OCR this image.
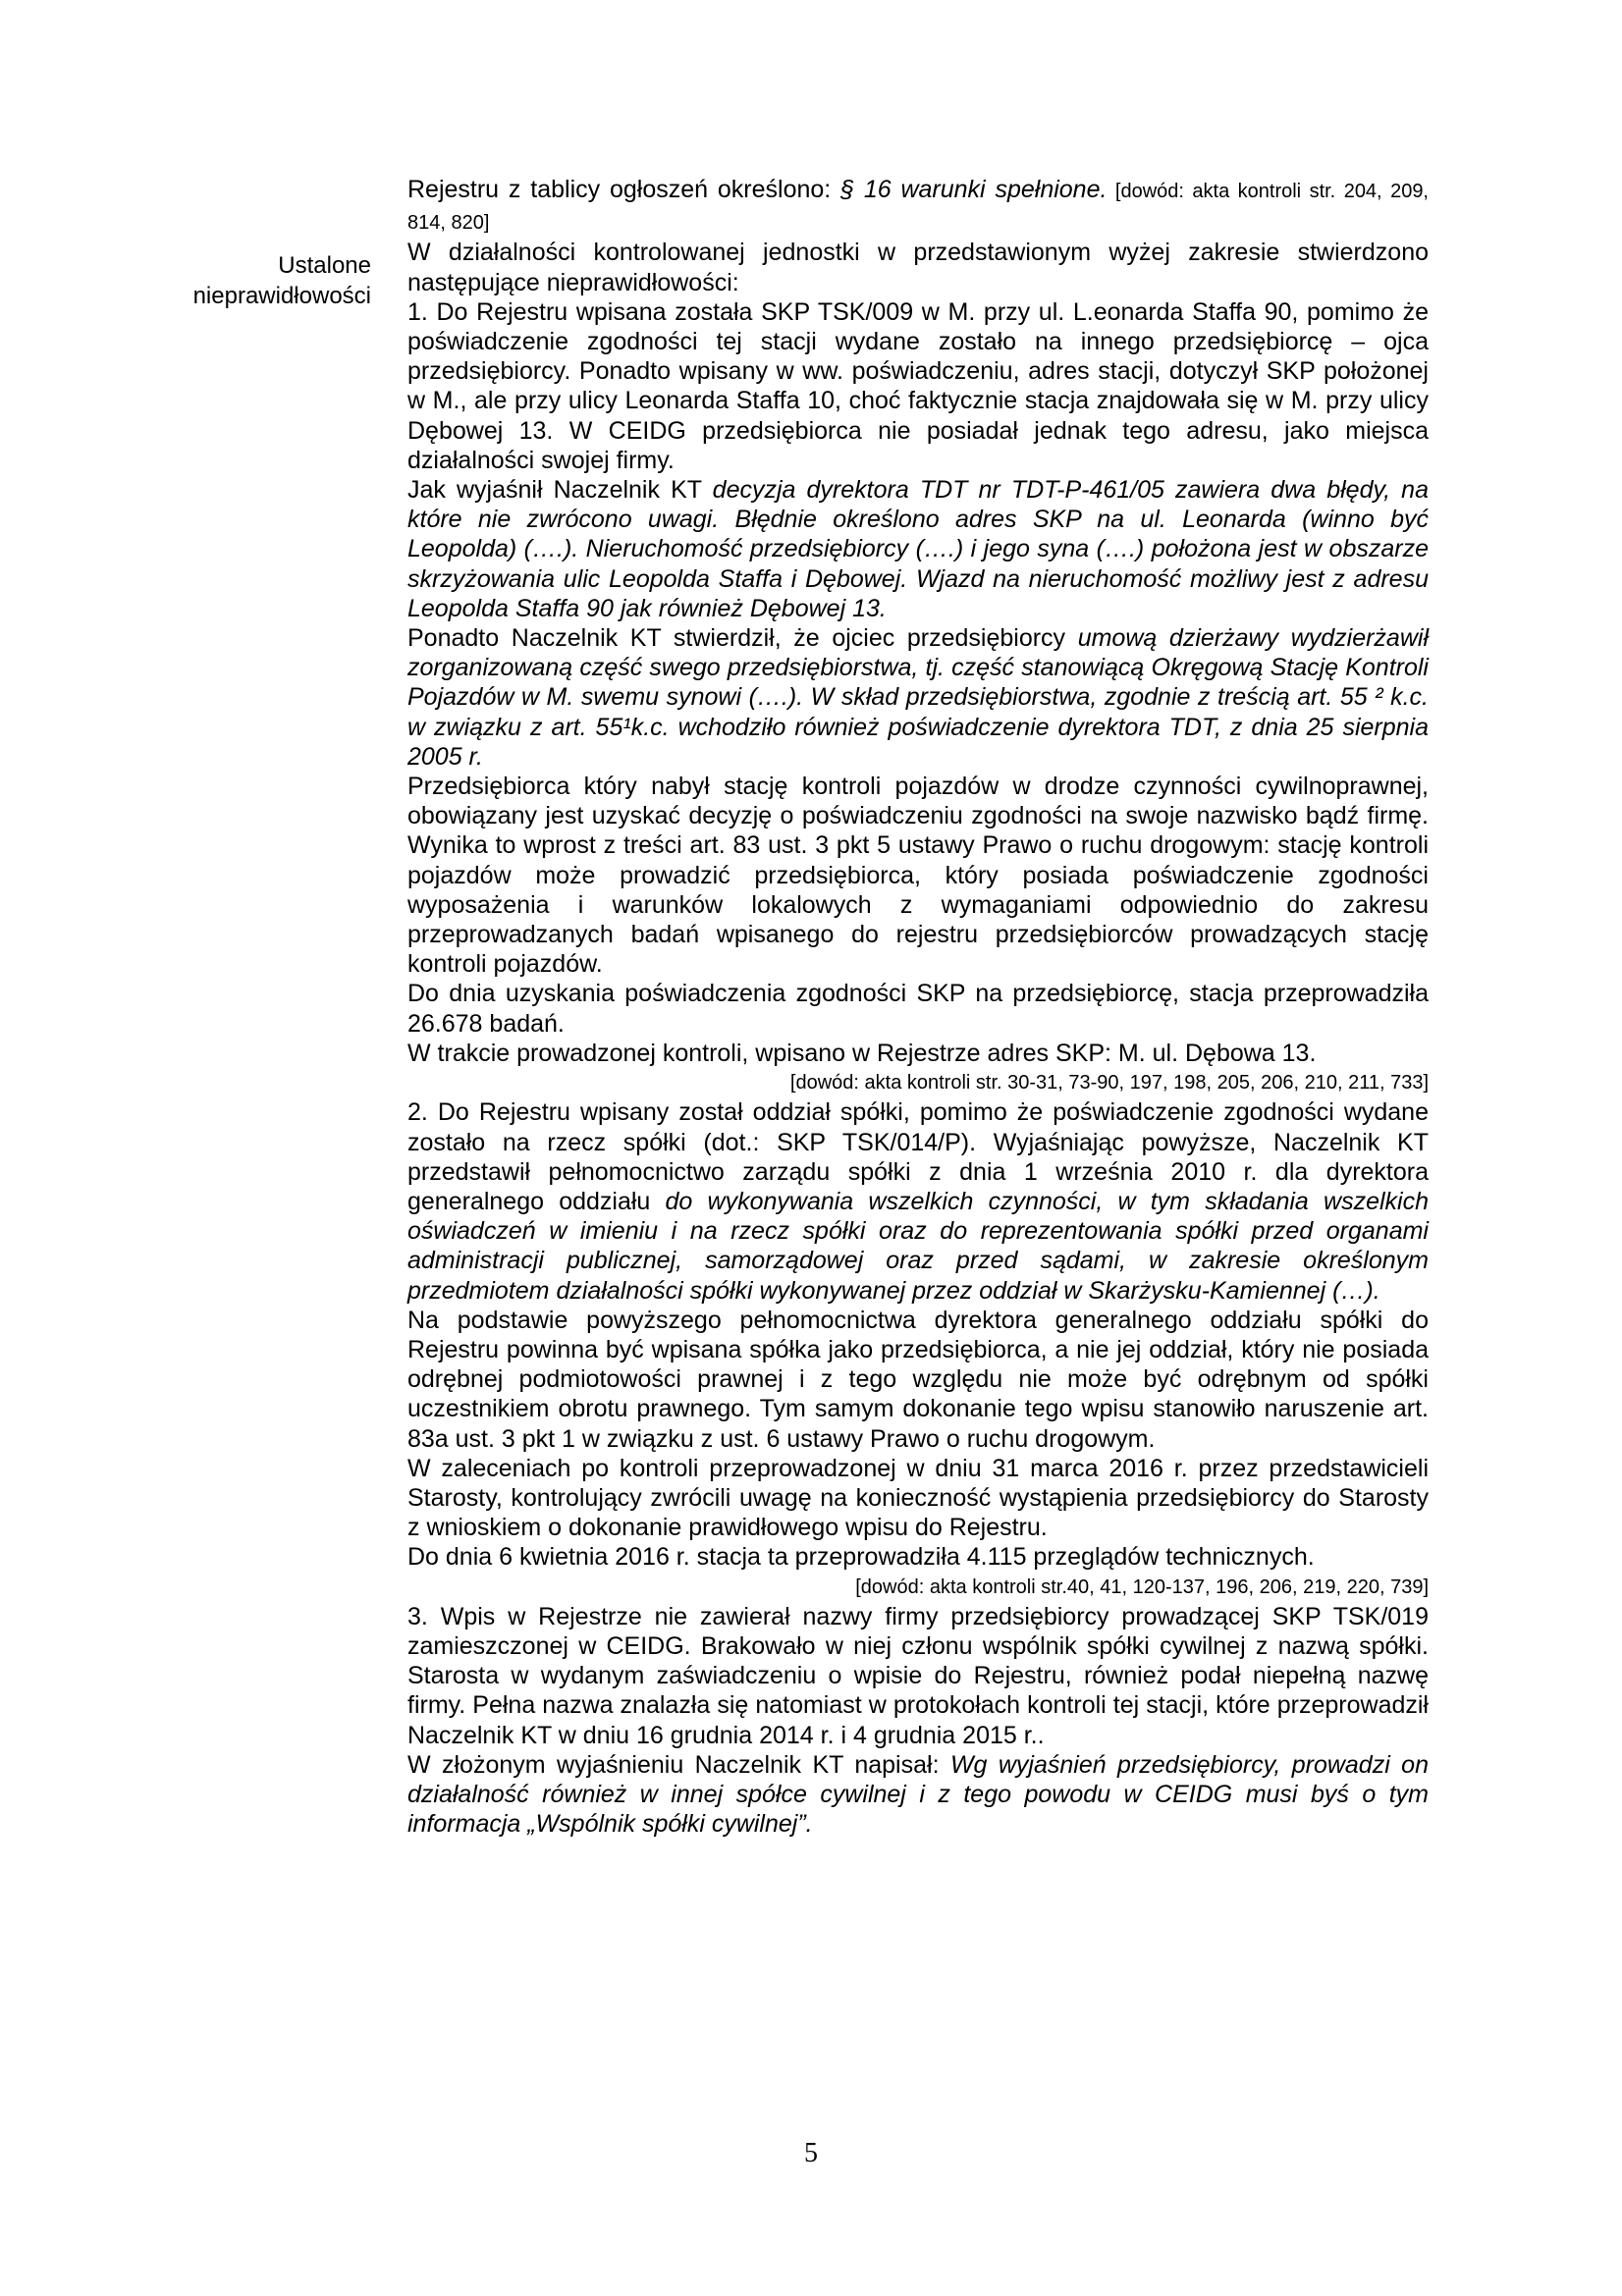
Ustalone
nieprawidłowości

Rejestru z tablicy ogłoszeń określono: § 16 warunki spełnione. [dowód: akta kontroli str. 204, 209, 814, 820]

W działalności kontrolowanej jednostki w przedstawionym wyżej zakresie stwierdzono następujące nieprawidłowości:

1. Do Rejestru wpisana została SKP TSK/009 w M. przy ul. L.eonarda Staffa 90, pomimo że poświadczenie zgodności tej stacji wydane zostało na innego przedsiębiorcę – ojca przedsiębiorcy. Ponadto wpisany w ww. poświadczeniu, adres stacji, dotyczył SKP położonej w M., ale przy ulicy Leonarda Staffa 10, choć faktycznie stacja znajdowała się w M. przy ulicy Dębowej 13. W CEIDG przedsiębiorca nie posiadał jednak tego adresu, jako miejsca działalności swojej firmy.

Jak wyjaśnił Naczelnik KT decyzja dyrektora TDT nr TDT-P-461/05 zawiera dwa błędy, na które nie zwrócono uwagi. Błędnie określono adres SKP na ul. Leonarda (winno być Leopolda) (….). Nieruchomość przedsiębiorcy (….) i jego syna (….) położona jest w obszarze skrzyżowania ulic Leopolda Staffa i Dębowej. Wjazd na nieruchomość możliwy jest z adresu Leopolda Staffa 90 jak również Dębowej 13.

Ponadto Naczelnik KT stwierdził, że ojciec przedsiębiorcy umową dzierżawy wydzierżawił zorganizowaną część swego przedsiębiorstwa, tj. część stanowiącą Okręgową Stację Kontroli Pojazdów w M. swemu synowi (….). W skład przedsiębiorstwa, zgodnie z treścią art. 55 ² k.c. w związku z art. 55¹k.c. wchodziło również poświadczenie dyrektora TDT, z dnia 25 sierpnia 2005 r.

Przedsiębiorca który nabył stację kontroli pojazdów w drodze czynności cywilnoprawnej, obowiązany jest uzyskać decyzję o poświadczeniu zgodności na swoje nazwisko bądź firmę. Wynika to wprost z treści art. 83 ust. 3 pkt 5 ustawy Prawo o ruchu drogowym: stację kontroli pojazdów może prowadzić przedsiębiorca, który posiada poświadczenie zgodności wyposażenia i warunków lokalowych z wymaganiami odpowiednio do zakresu przeprowadzanych badań wpisanego do rejestru przedsiębiorców prowadzących stację kontroli pojazdów.

Do dnia uzyskania poświadczenia zgodności SKP na przedsiębiorcę, stacja przeprowadziła 26.678 badań.

W trakcie prowadzonej kontroli, wpisano w Rejestrze adres SKP: M. ul. Dębowa 13.

[dowód: akta kontroli str. 30-31, 73-90, 197, 198, 205, 206, 210, 211, 733]

2. Do Rejestru wpisany został oddział spółki, pomimo że poświadczenie zgodności wydane zostało na rzecz spółki (dot.: SKP TSK/014/P). Wyjaśniając powyższe, Naczelnik KT przedstawił pełnomocnictwo zarządu spółki z dnia 1 września 2010 r. dla dyrektora generalnego oddziału do wykonywania wszelkich czynności, w tym składania wszelkich oświadczeń w imieniu i na rzecz spółki oraz do reprezentowania spółki przed organami administracji publicznej, samorządowej oraz przed sądami, w zakresie określonym przedmiotem działalności spółki wykonywanej przez oddział w Skarżysku-Kamiennej (…).

Na podstawie powyższego pełnomocnictwa dyrektora generalnego oddziału spółki do Rejestru powinna być wpisana spółka jako przedsiębiorca, a nie jej oddział, który nie posiada odrębnej podmiotowości prawnej i z tego względu nie może być odrębnym od spółki uczestnikiem obrotu prawnego. Tym samym dokonanie tego wpisu stanowiło naruszenie art. 83a ust. 3 pkt 1 w związku z ust. 6 ustawy Prawo o ruchu drogowym.

W zaleceniach po kontroli przeprowadzonej w dniu 31 marca 2016 r. przez przedstawicieli Starosty, kontrolujący zwrócili uwagę na konieczność wystąpienia przedsiębiorcy do Starosty z wnioskiem o dokonanie prawidłowego wpisu do Rejestru.

Do dnia 6 kwietnia 2016 r. stacja ta przeprowadziła 4.115 przeglądów technicznych.

[dowód: akta kontroli str.40, 41, 120-137, 196, 206, 219, 220, 739]

3. Wpis w Rejestrze nie zawierał nazwy firmy przedsiębiorcy prowadzącej SKP TSK/019 zamieszczonej w CEIDG. Brakowało w niej członu wspólnik spółki cywilnej z nazwą spółki. Starosta w wydanym zaświadczeniu o wpisie do Rejestru, również podał niepełną nazwę firmy. Pełna nazwa znalazła się natomiast w protokołach kontroli tej stacji, które przeprowadził Naczelnik KT w dniu 16 grudnia 2014 r. i 4 grudnia 2015 r..

W złożonym wyjaśnieniu Naczelnik KT napisał: Wg wyjaśnień przedsiębiorcy, prowadzi on działalność również w innej spółce cywilnej i z tego powodu w CEIDG musi byś o tym informacja „Wspólnik spółki cywilnej”.

5
